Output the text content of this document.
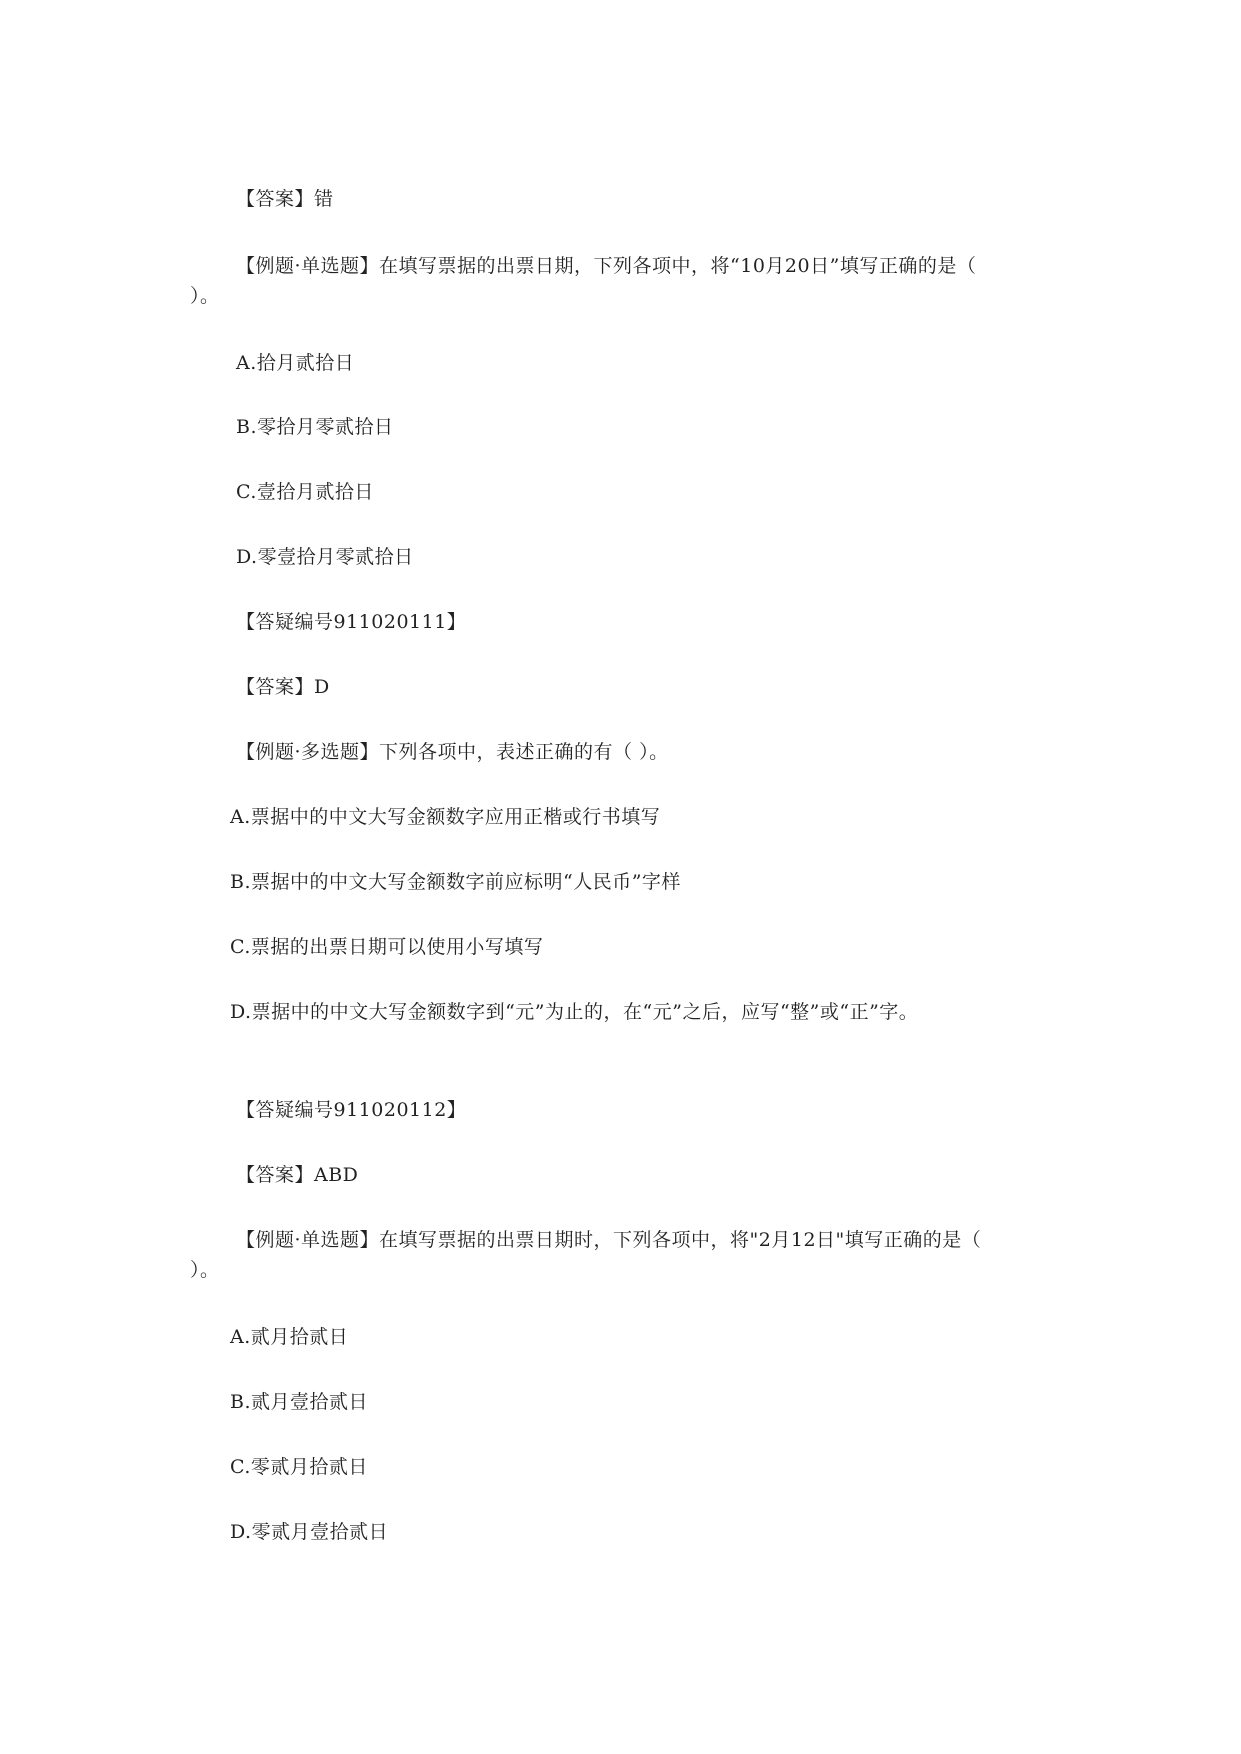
【答案】错
【例题·单选题】在填写票据的出票日期，下列各项中，将“10月20日”填写正确的是（
）。
A.拾月贰拾日
B.零拾月零贰拾日
C.壹拾月贰拾日
D.零壹拾月零贰拾日
【答疑编号911020111】
【答案】D
【例题·多选题】下列各项中，表述正确的有（ ）。
A.票据中的中文大写金额数字应用正楷或行书填写
B.票据中的中文大写金额数字前应标明“人民币”字样
C.票据的出票日期可以使用小写填写
D.票据中的中文大写金额数字到“元”为止的，在“元”之后，应写“整”或“正”字。
【答疑编号911020112】
【答案】ABD
【例题·单选题】在填写票据的出票日期时，下列各项中，将"2月12日"填写正确的是（
）。
A.贰月拾贰日
B.贰月壹拾贰日
C.零贰月拾贰日
D.零贰月壹拾贰日
